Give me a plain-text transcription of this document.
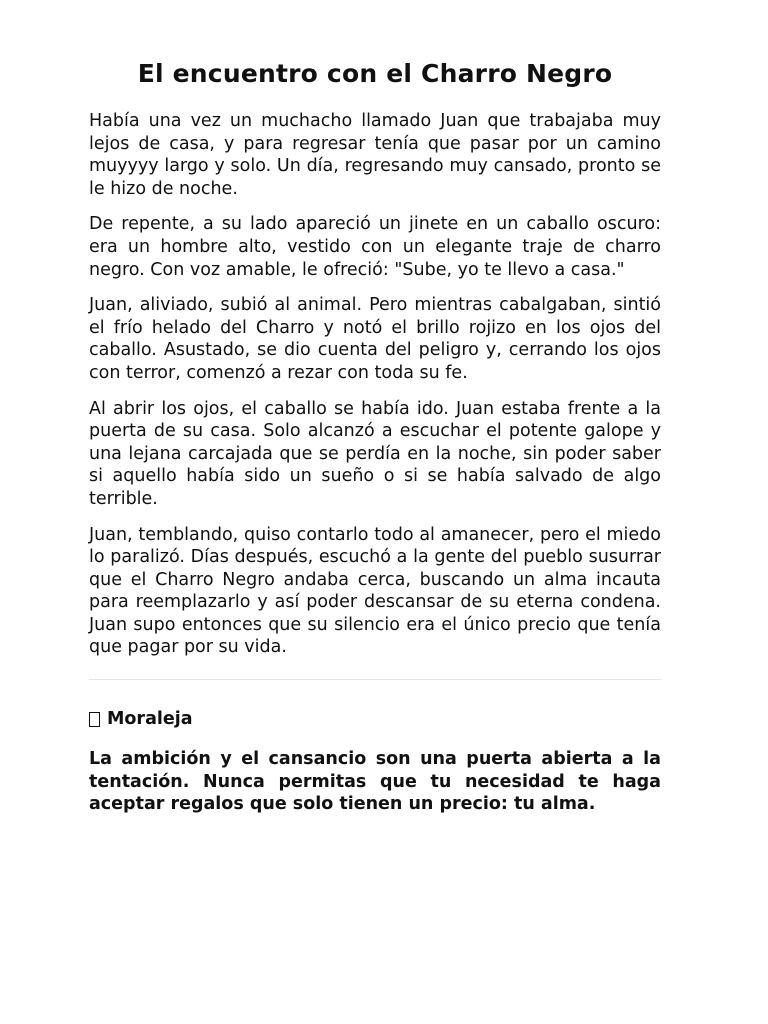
El encuentro con el Charro Negro

Había una vez un muchacho llamado Juan que trabajaba muy lejos de casa, y para regresar tenía que pasar por un camino muyyyy largo y solo. Un día, regresando muy cansado, pronto se le hizo de noche.

De repente, a su lado apareció un jinete en un caballo oscuro: era un hombre alto, vestido con un elegante traje de charro negro. Con voz amable, le ofreció: "Sube, yo te llevo a casa."

Juan, aliviado, subió al animal. Pero mientras cabalgaban, sintió el frío helado del Charro y notó el brillo rojizo en los ojos del caballo. Asustado, se dio cuenta del peligro y, cerrando los ojos con terror, comenzó a rezar con toda su fe.

Al abrir los ojos, el caballo se había ido. Juan estaba frente a la puerta de su casa. Solo alcanzó a escuchar el potente galope y una lejana carcajada que se perdía en la noche, sin poder saber si aquello había sido un sueño o si se había salvado de algo terrible.

Juan, temblando, quiso contarlo todo al amanecer, pero el miedo lo paralizó. Días después, escuchó a la gente del pueblo susurrar que el Charro Negro andaba cerca, buscando un alma incauta para reemplazarlo y así poder descansar de su eterna condena. Juan supo entonces que su silencio era el único precio que tenía que pagar por su vida.

Moraleja

La ambición y el cansancio son una puerta abierta a la tentación. Nunca permitas que tu necesidad te haga aceptar regalos que solo tienen un precio: tu alma.
